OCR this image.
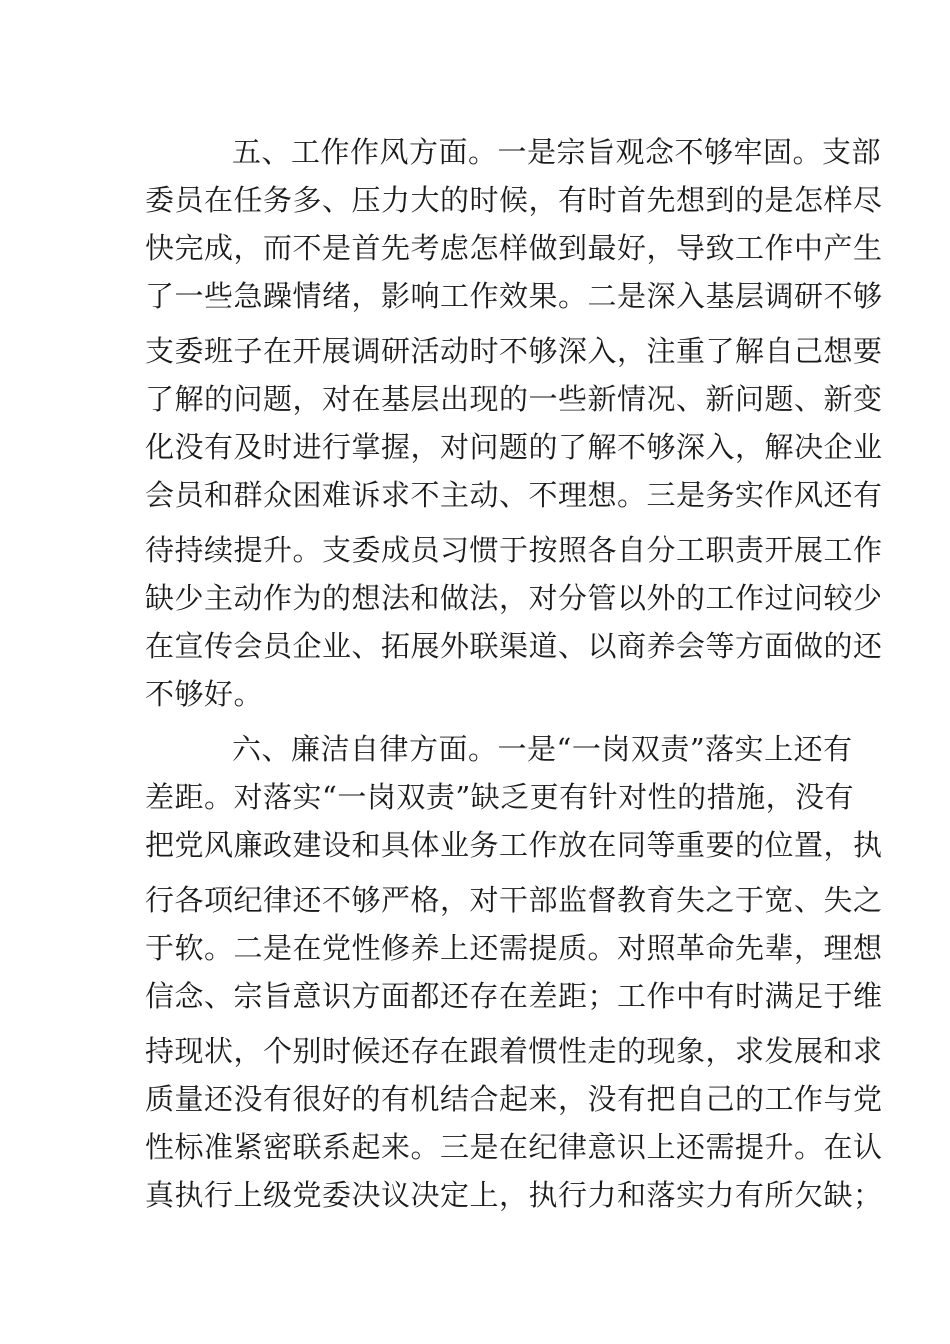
五、工作作风方面。一是宗旨观念不够牢固。支部
委员在任务多、压力大的时候，有时首先想到的是怎样尽
快完成，而不是首先考虑怎样做到最好，导致工作中产生
了一些急躁情绪，影响工作效果。二是深入基层调研不够
支委班子在开展调研活动时不够深入，注重了解自己想要
了解的问题，对在基层出现的一些新情况、新问题、新变
化没有及时进行掌握，对问题的了解不够深入，解决企业
会员和群众困难诉求不主动、不理想。三是务实作风还有
待持续提升。支委成员习惯于按照各自分工职责开展工作
缺少主动作为的想法和做法，对分管以外的工作过问较少
在宣传会员企业、拓展外联渠道、以商养会等方面做的还
不够好。
六、廉洁自律方面。一是“一岗双责”落实上还有
差距。对落实“一岗双责”缺乏更有针对性的措施，没有
把党风廉政建设和具体业务工作放在同等重要的位置，执
行各项纪律还不够严格，对干部监督教育失之于宽、失之
于软。二是在党性修养上还需提质。对照革命先辈，理想
信念、宗旨意识方面都还存在差距；工作中有时满足于维
持现状，个别时候还存在跟着惯性走的现象，求发展和求
质量还没有很好的有机结合起来，没有把自己的工作与党
性标准紧密联系起来。三是在纪律意识上还需提升。在认
真执行上级党委决议决定上，执行力和落实力有所欠缺；
